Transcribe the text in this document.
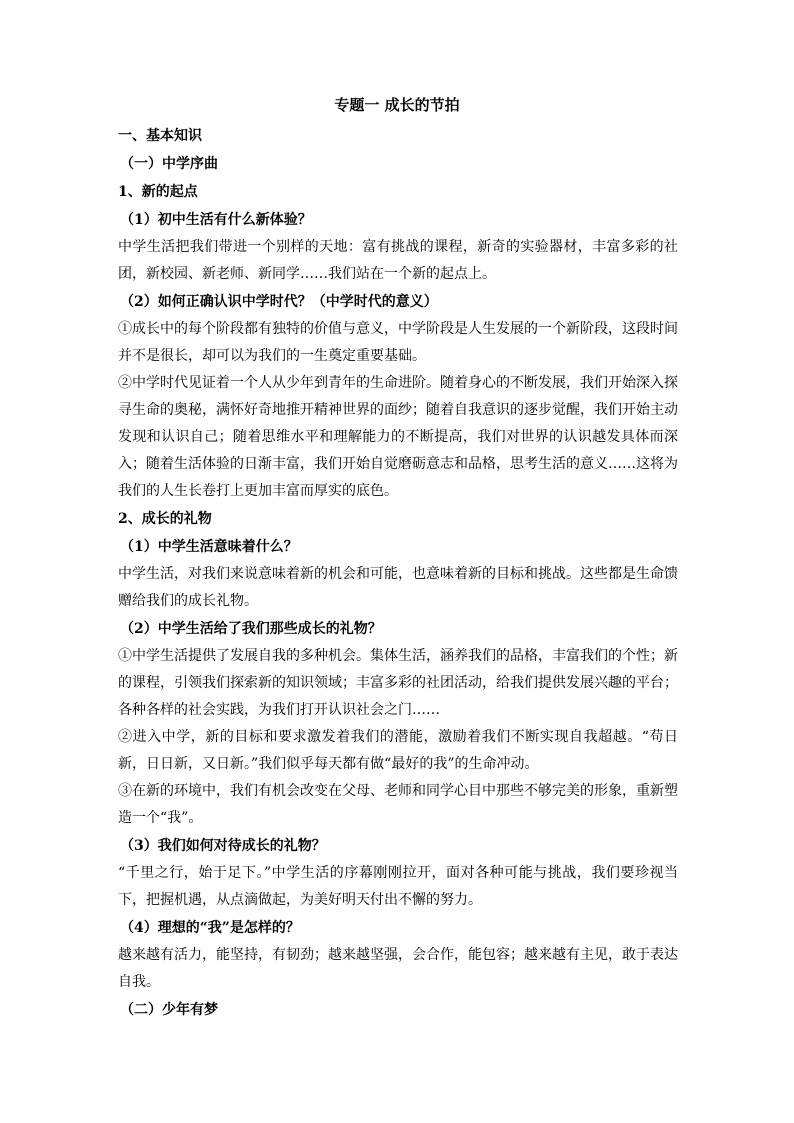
专题一 成长的节拍
一、基本知识
（一）中学序曲
1、新的起点
（1）初中生活有什么新体验？

中学生活把我们带进一个别样的天地：富有挑战的课程，新奇的实验器材，丰富多彩的社团，新校园、新老师、新同学……我们站在一个新的起点上。

（2）如何正确认识中学时代？（中学时代的意义）

①成长中的每个阶段都有独特的价值与意义，中学阶段是人生发展的一个新阶段，这段时间并不是很长，却可以为我们的一生奠定重要基础。

②中学时代见证着一个人从少年到青年的生命进阶。随着身心的不断发展，我们开始深入探寻生命的奥秘，满怀好奇地推开精神世界的面纱；随着自我意识的逐步觉醒，我们开始主动发现和认识自己；随着思维水平和理解能力的不断提高，我们对世界的认识越发具体而深入；随着生活体验的日渐丰富，我们开始自觉磨砺意志和品格，思考生活的意义……这将为我们的人生长卷打上更加丰富而厚实的底色。

2、成长的礼物
（1）中学生活意味着什么？

中学生活，对我们来说意味着新的机会和可能，也意味着新的目标和挑战。这些都是生命馈赠给我们的成长礼物。

（2）中学生活给了我们那些成长的礼物？

①中学生活提供了发展自我的多种机会。集体生活，涵养我们的品格，丰富我们的个性；新的课程，引领我们探索新的知识领域；丰富多彩的社团活动，给我们提供发展兴趣的平台；各种各样的社会实践，为我们打开认识社会之门……

②进入中学，新的目标和要求激发着我们的潜能，激励着我们不断实现自我超越。“苟日新，日日新，又日新。”我们似乎每天都有做“最好的我”的生命冲动。

③在新的环境中，我们有机会改变在父母、老师和同学心目中那些不够完美的形象，重新塑造一个“我”。

（3）我们如何对待成长的礼物？

“千里之行，始于足下。”中学生活的序幕刚刚拉开，面对各种可能与挑战，我们要珍视当下，把握机遇，从点滴做起，为美好明天付出不懈的努力。

（4）理想的“我”是怎样的？

越来越有活力，能坚持，有韧劲；越来越坚强，会合作，能包容；越来越有主见，敢于表达自我。

（二）少年有梦
